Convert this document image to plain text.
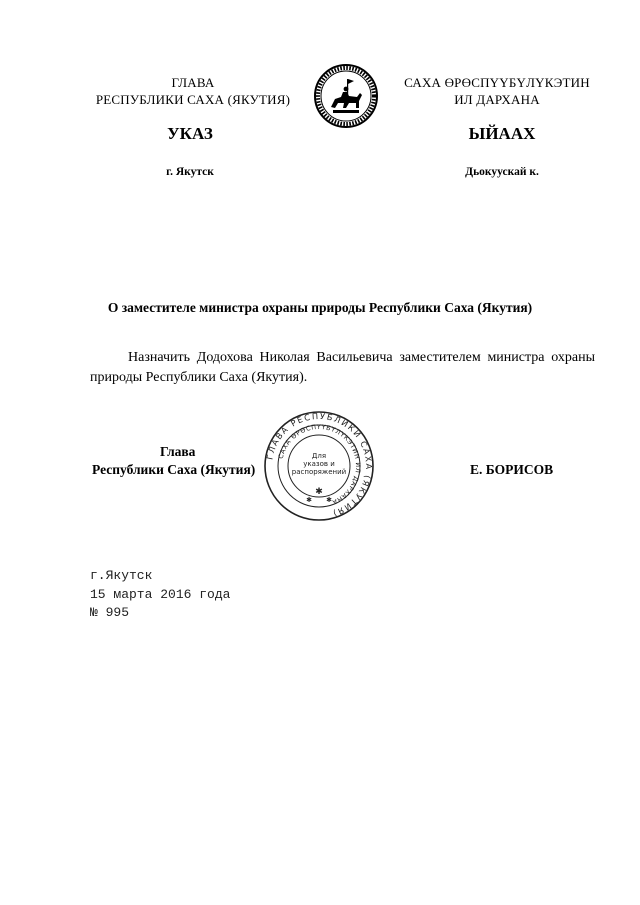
ГЛАВА
РЕСПУБЛИКИ САХА (ЯКУТИЯ)
САХА ӨРӨСПҮҮБҮЛҮКЭТИН
ИЛ ДАРХАНА
УКАЗ	ЫЙААХ
г. Якутск	Дьокуускай к.
О заместителе министра охраны природы Республики Саха (Якутия)
Назначить Додохова Николая Васильевича заместителем министра охраны природы Республики Саха (Якутия).
Глава
Республики Саха (Якутия)	Е. БОРИСОВ
ГЛАВА РЕСПУБЛИКИ САХА (ЯКУТИЯ)
САХА ӨРӨСПҮҮБҮЛҮКЭТИН ИЛ ДАРХАНА
Для
указов и
распоряжений
✱
✱ ✱
г.Якутск
15 марта 2016 года
№ 995
